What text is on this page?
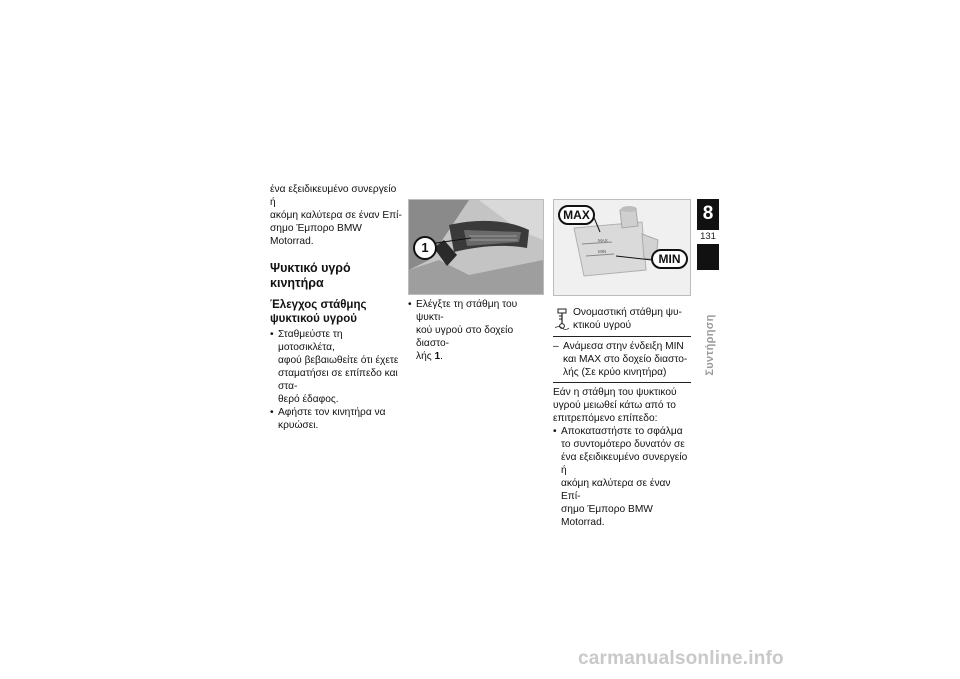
ένα εξειδικευμένο συνεργείο ή
ακόμη καλύτερα σε έναν Επί-
σημο Έμπορο BMW Motorrad.
Ψυκτικό υγρό κινητήρα
Έλεγχος στάθμης
ψυκτικού υγρού
• Σταθμεύστε τη μοτοσικλέτα,
αφού βεβαιωθείτε ότι έχετε
σταματήσει σε επίπεδο και στα-
θερό έδαφος.
• Αφήστε τον κινητήρα να
κρυώσει.
1
• Ελέγξτε τη στάθμη του ψυκτι-
κού υγρού στο δοχείο διαστο-
λής 1.
MAX
MIN
MAX
MIN
Ονομαστική στάθμη ψυ-
κτικού υγρού
– Ανάμεσα στην ένδειξη MIN
και MAX στο δοχείο διαστο-
λής (Σε κρύο κινητήρα)
Εάν η στάθμη του ψυκτικού
υγρού μειωθεί κάτω από το
επιτρεπόμενο επίπεδο:
• Αποκαταστήστε το σφάλμα
το συντομότερο δυνατόν σε
ένα εξειδικευμένο συνεργείο ή
ακόμη καλύτερα σε έναν Επί-
σημο Έμπορο BMW Motorrad.
8
131
Συντήρηση
carmanualsonline.info
